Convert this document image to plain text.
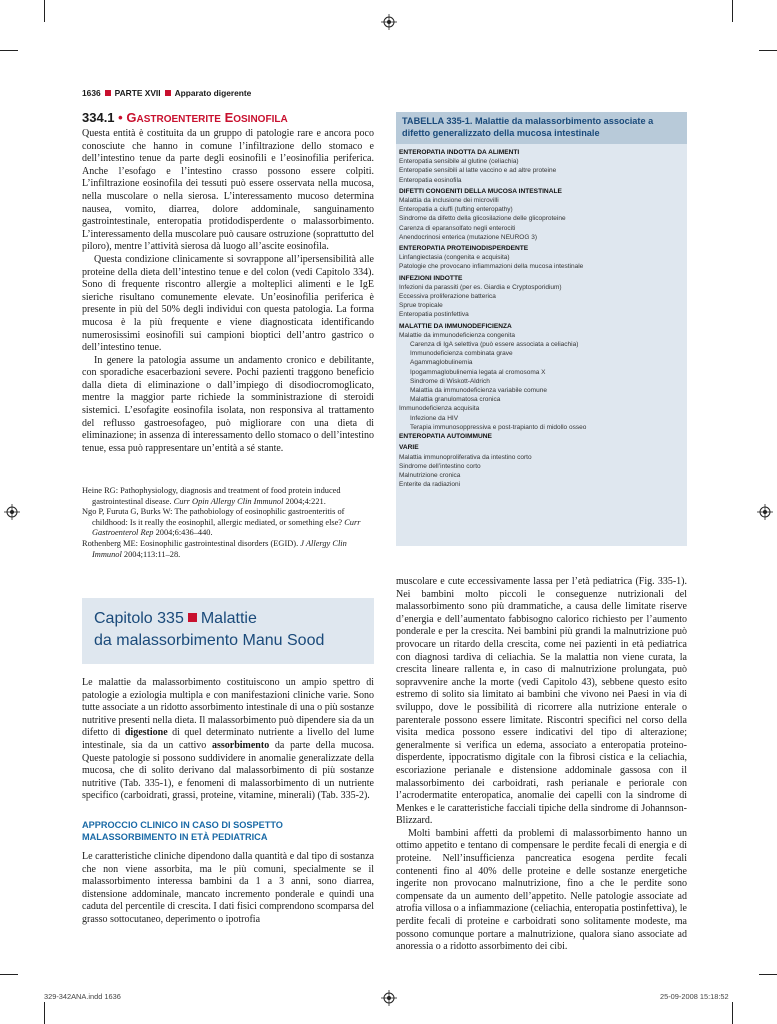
1636 PARTE XVII Apparato digerente
334.1 • GASTROENTERITE EOSINOFILA

Questa entità è costituita da un gruppo di patologie rare e ancora poco conosciute che hanno in comune l’infiltrazione dello stomaco e dell’intestino tenue da parte degli eosinofili e l’eosinofilia periferica. Anche l’esofago e l’intestino crasso possono essere colpiti. L’infiltrazione eosinofila dei tessuti può essere osservata nella mucosa, nella muscolare o nella sierosa. L’interessamento mucoso determina nausea, vomito, diarrea, dolore addominale, sanguinamento gastrointestinale, enteropatia protidodisperdente o malassorbimento. L’interessamento della muscolare può causare ostruzione (soprattutto del piloro), mentre l’attività sierosa dà luogo all’ascite eosinofila.

Questa condizione clinicamente si sovrappone all’ipersensibilità alle proteine della dieta dell’intestino tenue e del colon (vedi Capitolo 334). Sono di frequente riscontro allergie a molteplici alimenti e le IgE sieriche risultano comunemente elevate. Un’eosinofilia periferica è presente in più del 50% degli individui con questa patologia. La forma mucosa è la più frequente e viene diagnosticata identificando numerosissimi eosinofili sui campioni bioptici dell’antro gastrico o dell’intestino tenue.

In genere la patologia assume un andamento cronico e debilitante, con sporadiche esacerbazioni severe. Pochi pazienti traggono beneficio dalla dieta di eliminazione o dall’impiego di disodiocromoglicato, mentre la maggior parte richiede la somministrazione di steroidi sistemici. L’esofagite eosinofila isolata, non responsiva al trattamento del reflusso gastroesofageo, può migliorare con una dieta di eliminazione; in assenza di interessamento dello stomaco o dell’intestino tenue, essa può rappresentare un’entità a sé stante.

Heine RG: Pathophysiology, diagnosis and treatment of food protein induced gastrointestinal disease. Curr Opin Allergy Clin Immunol 2004;4:221.
Ngo P, Furuta G, Burks W: The pathobiology of eosinophilic gastroenteritis of childhood: Is it really the eosinophil, allergic mediated, or something else? Curr Gastroenterol Rep 2004;6:436–440.
Rothenberg ME: Eosinophilic gastrointestinal disorders (EGID). J Allergy Clin Immunol 2004;113:11–28.
TABELLA 335-1. Malattie da malassorbimento associate a difetto generalizzato della mucosa intestinale
ENTEROPATIA INDOTTA DA ALIMENTI
Enteropatia sensibile al glutine (celiachia)
Enteropatie sensibili al latte vaccino e ad altre proteine
Enteropatia eosinofila
DIFETTI CONGENITI DELLA MUCOSA INTESTINALE
Malattia da inclusione dei microvilli
Enteropatia a ciuffi (tufting enteropathy)
Sindrome da difetto della glicosilazione delle glicoproteine
Carenza di eparansolfato negli enterociti
Anendocrinosi enterica (mutazione NEUROG 3)
ENTEROPATIA PROTEINODISPERDENTE
Linfangiectasia (congenita e acquisita)
Patologie che provocano infiammazioni della mucosa intestinale
INFEZIONI INDOTTE
Infezioni da parassiti (per es. Giardia e Cryptosporidium)
Eccessiva proliferazione batterica
Sprue tropicale
Enteropatia postinfettiva
MALATTIE DA IMMUNODEFICIENZA
Malattie da immunodeficienza congenita
Carenza di IgA selettiva (può essere associata a celiachia)
Immunodeficienza combinata grave
Agammaglobulinemia
Ipogammaglobulinemia legata al cromosoma X
Sindrome di Wiskott-Aldrich
Malattia da immunodeficienza variabile comune
Malattia granulomatosa cronica
Immunodeficienza acquisita
Infezione da HIV
Terapia immunosoppressiva e post-trapianto di midollo osseo
ENTEROPATIA AUTOIMMUNE
VARIE
Malattia immunoproliferativa da intestino corto
Sindrome dell’intestino corto
Malnutrizione cronica
Enterite da radiazioni
Capitolo 335 Malattie
da malassorbimento Manu Sood

Le malattie da malassorbimento costituiscono un ampio spettro di patologie a eziologia multipla e con manifestazioni cliniche varie. Sono tutte associate a un ridotto assorbimento intestinale di una o più sostanze nutritive presenti nella dieta. Il malassorbimento può dipendere sia da un difetto di digestione di quel determinato nutriente a livello del lume intestinale, sia da un cattivo assorbimento da parte della mucosa. Queste patologie si possono suddividere in anomalie generalizzate della mucosa, che di solito derivano dal malassorbimento di più sostanze nutritive (Tab. 335-1), e fenomeni di malassorbimento di un nutriente specifico (carboidrati, grassi, proteine, vitamine, minerali) (Tab. 335-2).

APPROCCIO CLINICO IN CASO DI SOSPETTO MALASSORBIMENTO IN ETÀ PEDIATRICA

Le caratteristiche cliniche dipendono dalla quantità e dal tipo di sostanza che non viene assorbita, ma le più comuni, specialmente se il malassorbimento interessa bambini da 1 a 3 anni, sono diarrea, distensione addominale, mancato incremento ponderale e quindi una caduta del percentile di crescita. I dati fisici comprendono scomparsa del grasso sottocutaneo, deperimento o ipotrofia

muscolare e cute eccessivamente lassa per l’età pediatrica (Fig. 335-1). Nei bambini molto piccoli le conseguenze nutrizionali del malassorbimento sono più drammatiche, a causa delle limitate riserve d’energia e dell’aumentato fabbisogno calorico richiesto per l’aumento ponderale e per la crescita. Nei bambini più grandi la malnutrizione può provocare un ritardo della crescita, come nei pazienti in età pediatrica con diagnosi tardiva di celiachia. Se la malattia non viene curata, la crescita lineare rallenta e, in caso di malnutrizione prolungata, può sopravvenire anche la morte (vedi Capitolo 43), sebbene questo esito estremo di solito sia limitato ai bambini che vivono nei Paesi in via di sviluppo, dove le possibilità di ricorrere alla nutrizione enterale o parenterale possono essere limitate. Riscontri specifici nel corso della visita medica possono essere indicativi del tipo di alterazione; generalmente si verifica un edema, associato a enteropatia proteino-disperdente, ippocratismo digitale con la fibrosi cistica e la celiachia, escoriazione perianale e distensione addominale gassosa con il malassorbimento dei carboidrati, rash perianale e periorale con l’acrodermatite enteropatica, anomalie dei capelli con la sindrome di Menkes e le caratteristiche facciali tipiche della sindrome di Johannson-Blizzard.

Molti bambini affetti da problemi di malassorbimento hanno un ottimo appetito e tentano di compensare le perdite fecali di energia e di proteine. Nell’insufficienza pancreatica esogena perdite fecali contenenti fino al 40% delle proteine e delle sostanze energetiche ingerite non provocano malnutrizione, fino a che le perdite sono compensate da un aumento dell’appetito. Nelle patologie associate ad atrofia villosa o a infiammazione (celiachia, enteropatia postinfettiva), le perdite fecali di proteine e carboidrati sono solitamente modeste, ma possono comunque portare a malnutrizione, qualora siano associate ad anoressia o a ridotto assorbimento dei cibi.

329-342ANA.indd 1636	25-09-2008 15:18:52
